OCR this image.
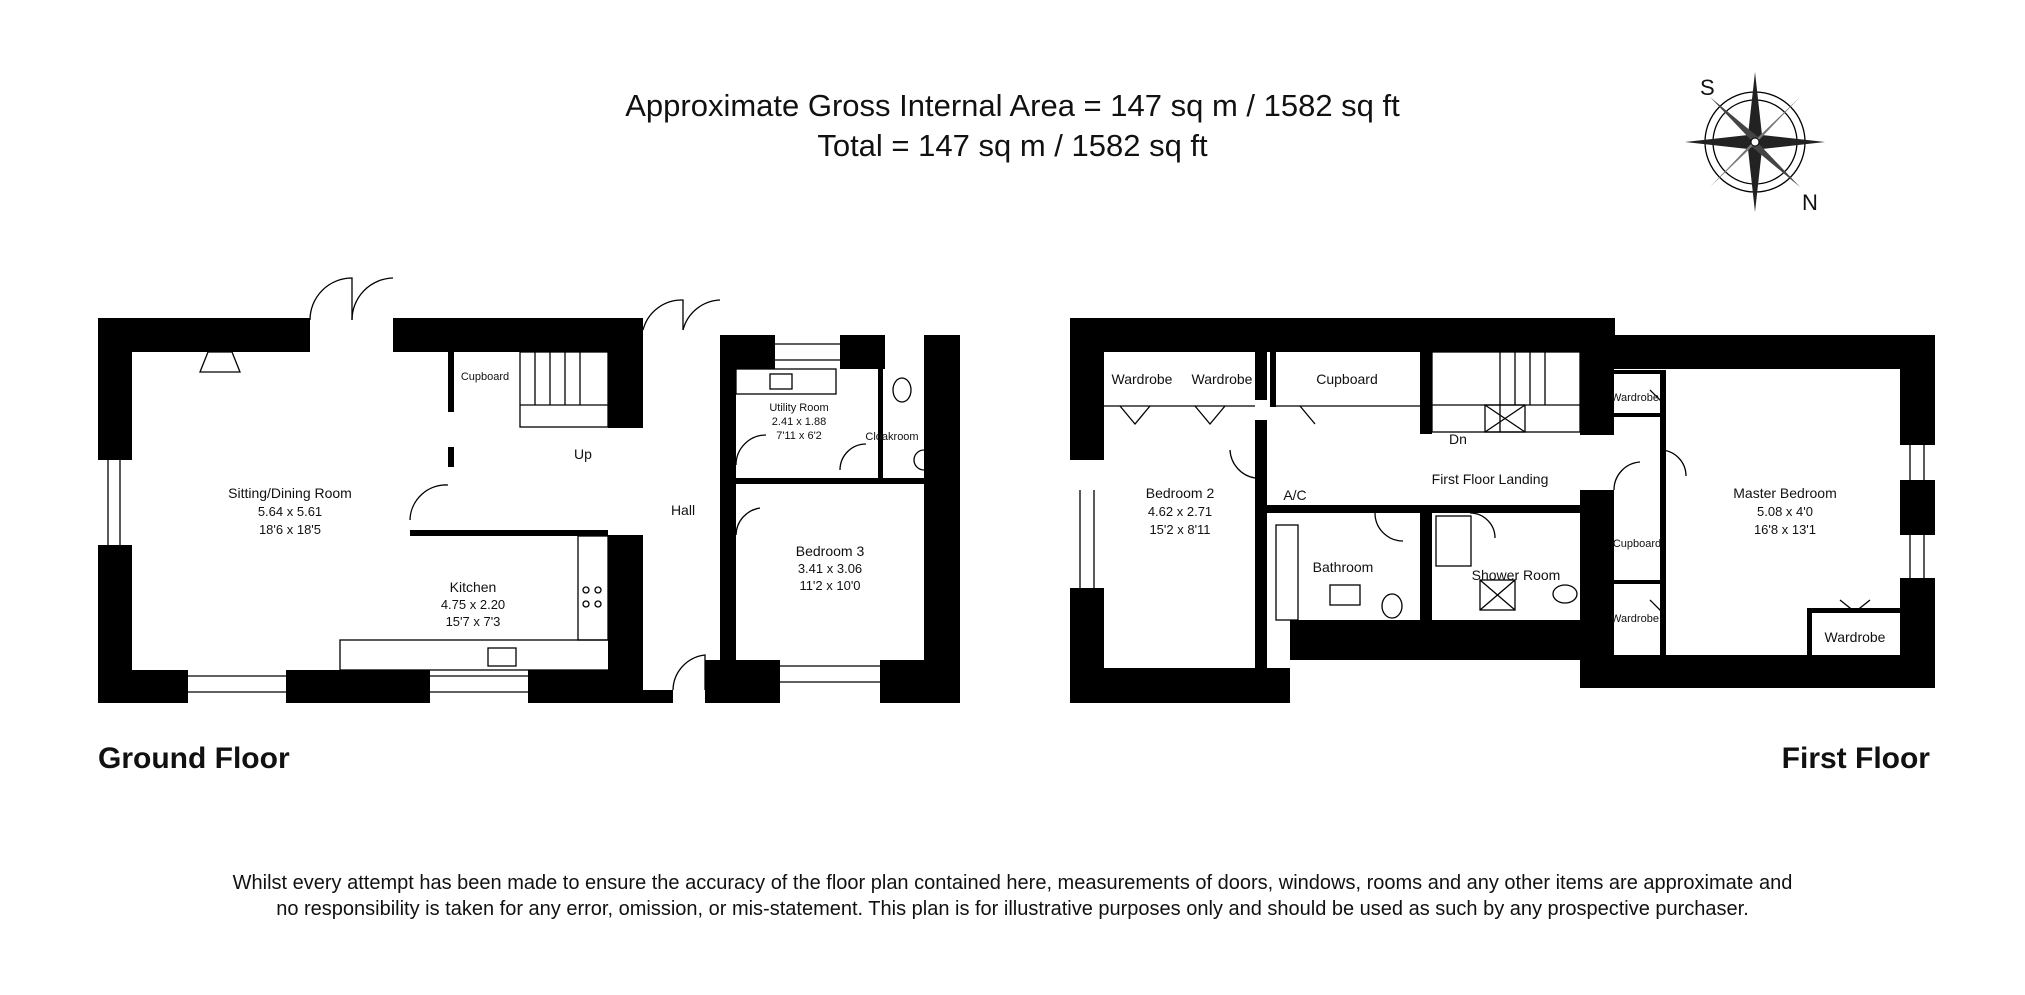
Approximate Gross Internal Area = 147 sq m / 1582 sq ft
Total = 147 sq m / 1582 sq ft
S
N
Sitting/Dining Room
5.64 x 5.61
18'6 x 18'5
Kitchen
4.75 x 2.20
15'7 x 7'3
Cupboard
Up
Hall
Utility Room
2.41 x 1.88
7'11 x 6'2	Cloakroom
Bedroom 3
3.41 x 3.06
11'2 x 10'0
Wardrobe Wardrobe	Cupboard
Dn
A/C
First Floor Landing
Bedroom 2
4.62 x 2.71
15'2 x 8'11
Bathroom	Shower Room
Wardrobe
Cupboard
Wardrobe
Wardrobe
Master Bedroom
5.08 x 4'0
16'8 x 13'1
Ground Floor	First Floor
Whilst every attempt has been made to ensure the accuracy of the floor plan contained here, measurements of doors, windows, rooms and any other items are approximate and
no responsibility is taken for any error, omission, or mis-statement. This plan is for illustrative purposes only and should be used as such by any prospective purchaser.
